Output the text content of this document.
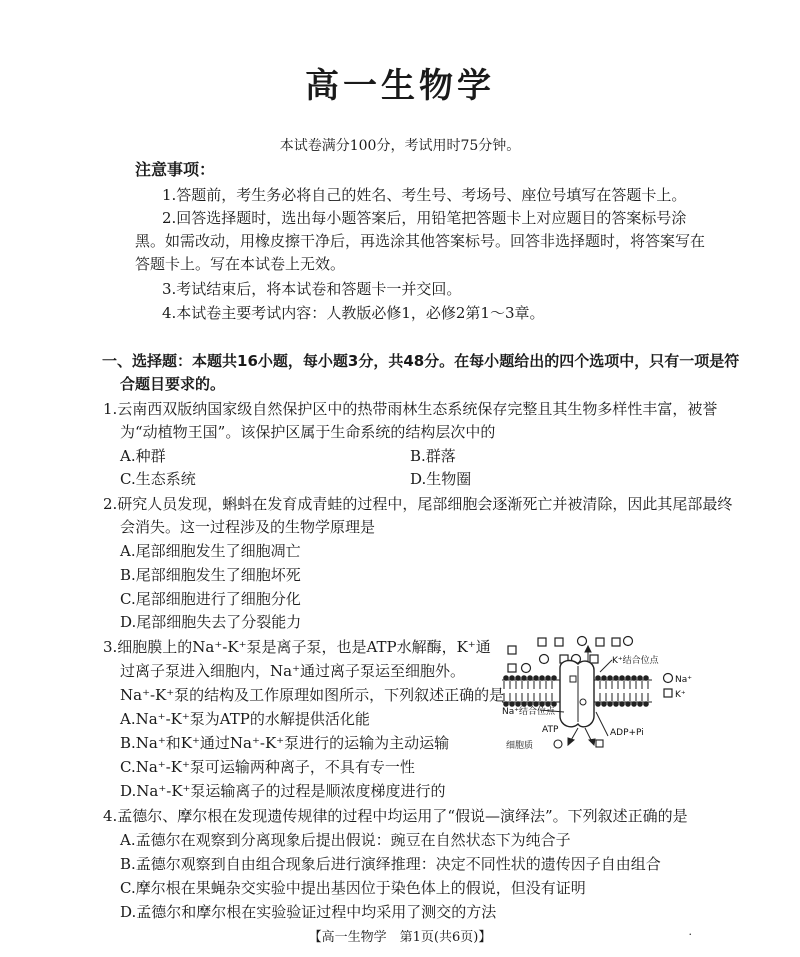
高一生物学
本试卷满分100分，考试用时75分钟。
注意事项：
1.答题前，考生务必将自己的姓名、考生号、考场号、座位号填写在答题卡上。
2.回答选择题时，选出每小题答案后，用铅笔把答题卡上对应题目的答案标号涂
黑。如需改动，用橡皮擦干净后，再选涂其他答案标号。回答非选择题时，将答案写在
答题卡上。写在本试卷上无效。
3.考试结束后，将本试卷和答题卡一并交回。
4.本试卷主要考试内容：人教版必修1，必修2第1～3章。
一、选择题：本题共16小题，每小题3分，共48分。在每小题给出的四个选项中，只有一项是符
合题目要求的。
1.云南西双版纳国家级自然保护区中的热带雨林生态系统保存完整且其生物多样性丰富，被誉
为“动植物王国”。该保护区属于生命系统的结构层次中的
A.种群	B.群落
C.生态系统	D.生物圈
2.研究人员发现，蝌蚪在发育成青蛙的过程中，尾部细胞会逐渐死亡并被清除，因此其尾部最终
会消失。这一过程涉及的生物学原理是
A.尾部细胞发生了细胞凋亡
B.尾部细胞发生了细胞坏死
C.尾部细胞进行了细胞分化
D.尾部细胞失去了分裂能力
3.细胞膜上的Na⁺-K⁺泵是离子泵，也是ATP水解酶，K⁺通
过离子泵进入细胞内，Na⁺通过离子泵运至细胞外。
Na⁺-K⁺泵的结构及工作原理如图所示，下列叙述正确的是
A.Na⁺-K⁺泵为ATP的水解提供活化能
B.Na⁺和K⁺通过Na⁺-K⁺泵进行的运输为主动运输
C.Na⁺-K⁺泵可运输两种离子，不具有专一性
D.Na⁺-K⁺泵运输离子的过程是顺浓度梯度进行的
K⁺结合位点
Na⁺
K⁺
Na⁺结合位点
ATP	ADP+Pi
细胞质
4.孟德尔、摩尔根在发现遗传规律的过程中均运用了“假说—演绎法”。下列叙述正确的是
A.孟德尔在观察到分离现象后提出假说：豌豆在自然状态下为纯合子
B.孟德尔观察到自由组合现象后进行演绎推理：决定不同性状的遗传因子自由组合
C.摩尔根在果蝇杂交实验中提出基因位于染色体上的假说，但没有证明
D.孟德尔和摩尔根在实验验证过程中均采用了测交的方法
【高一生物学　第1页(共6页)】	·
